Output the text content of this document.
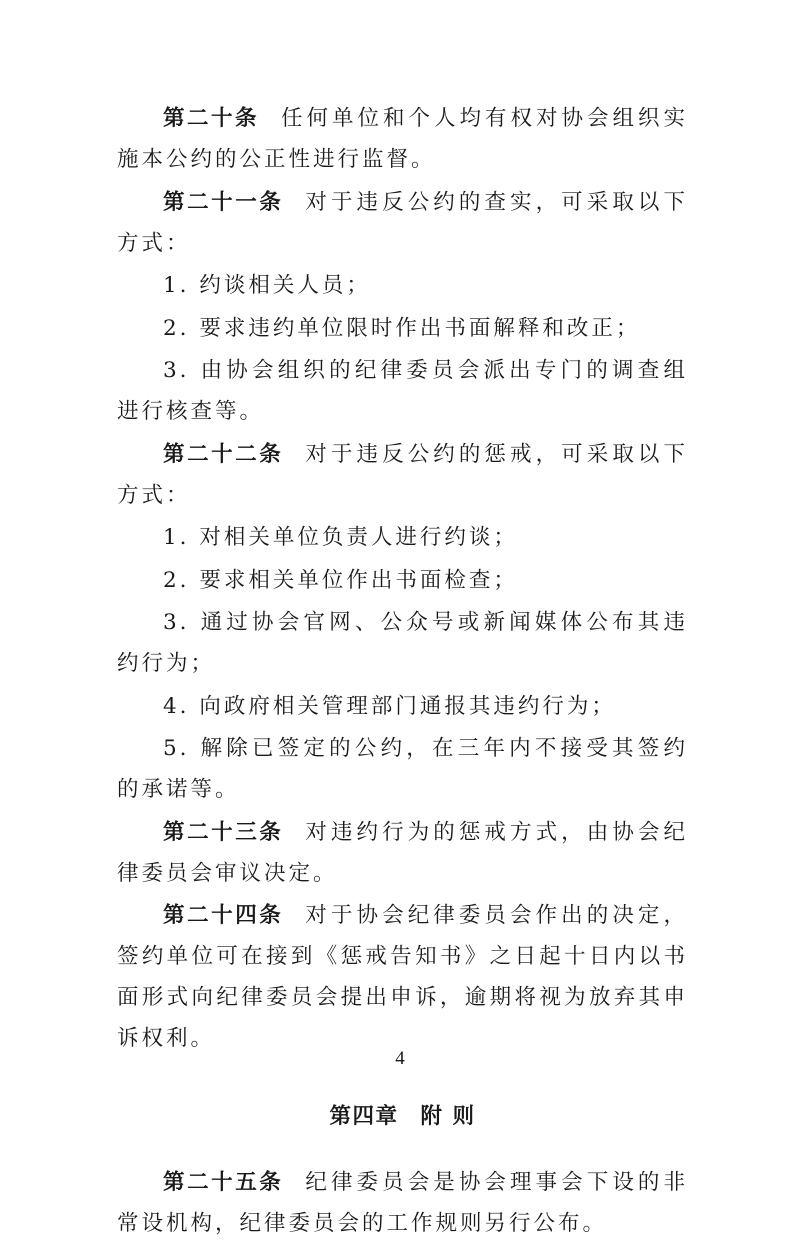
第二十条 任何单位和个人均有权对协会组织实施本公约的公正性进行监督。

第二十一条 对于违反公约的查实，可采取以下方式：

1. 约谈相关人员；

2. 要求违约单位限时作出书面解释和改正；

3. 由协会组织的纪律委员会派出专门的调查组进行核查等。

第二十二条 对于违反公约的惩戒，可采取以下方式：

1. 对相关单位负责人进行约谈；

2. 要求相关单位作出书面检查；

3. 通过协会官网、公众号或新闻媒体公布其违约行为；

4. 向政府相关管理部门通报其违约行为；

5. 解除已签定的公约，在三年内不接受其签约的承诺等。

第二十三条 对违约行为的惩戒方式，由协会纪律委员会审议决定。

第二十四条 对于协会纪律委员会作出的决定，签约单位可在接到《惩戒告知书》之日起十日内以书面形式向纪律委员会提出申诉，逾期将视为放弃其申诉权利。

第四章 附 则

第二十五条 纪律委员会是协会理事会下设的非常设机构，纪律委员会的工作规则另行公布。

4
